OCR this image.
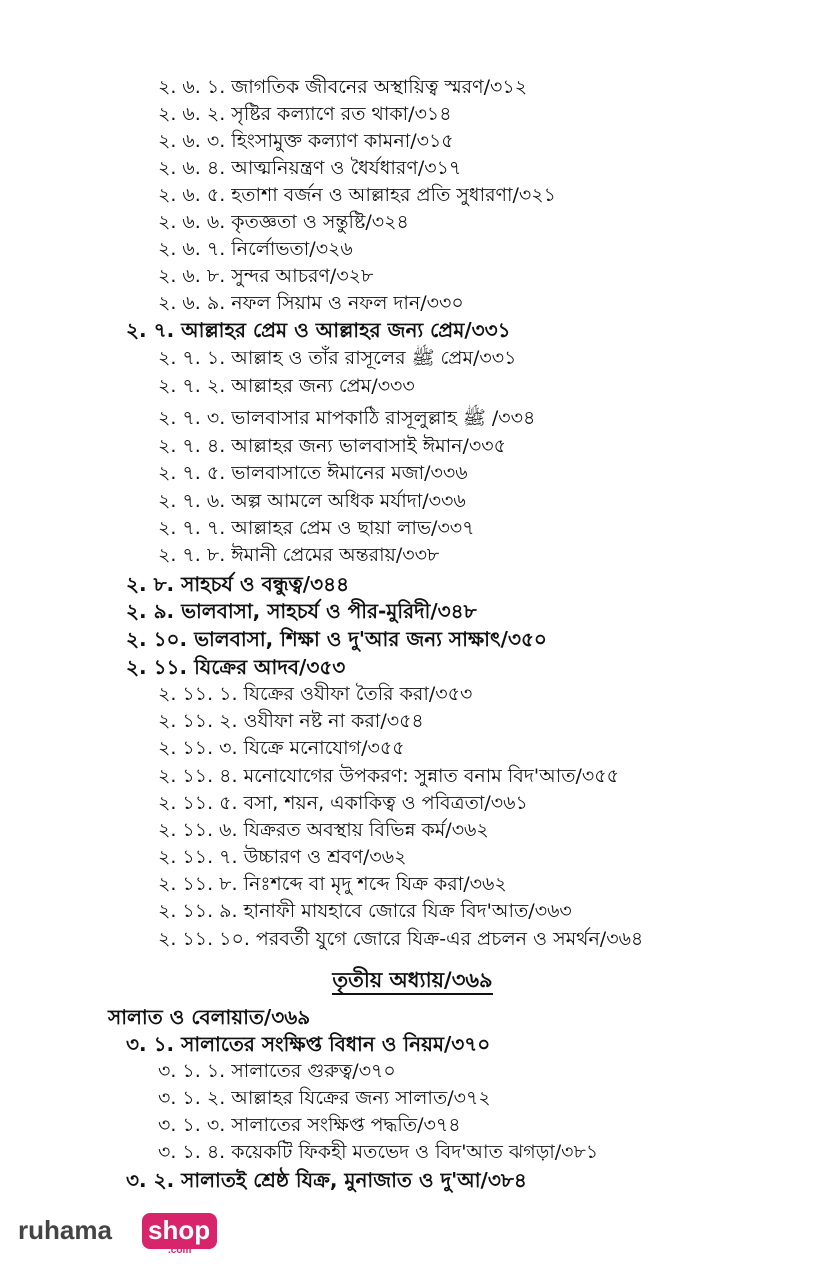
২. ৬. ১. জাগতিক জীবনের অস্থায়িত্ব স্মরণ/৩১২
২. ৬. ২. সৃষ্টির কল্যাণে রত থাকা/৩১৪
২. ৬. ৩. হিংসামুক্ত কল্যাণ কামনা/৩১৫
২. ৬. ৪. আত্মনিয়ন্ত্রণ ও ধৈর্যধারণ/৩১৭
২. ৬. ৫. হতাশা বর্জন ও আল্লাহর প্রতি সুধারণা/৩২১
২. ৬. ৬. কৃতজ্ঞতা ও সন্তুষ্টি/৩২৪
২. ৬. ৭. নির্লোভতা/৩২৬
২. ৬. ৮. সুন্দর আচরণ/৩২৮
২. ৬. ৯. নফল সিয়াম ও নফল দান/৩৩০
২. ৭. আল্লাহর প্রেম ও আল্লাহর জন্য প্রেম/৩৩১
২. ৭. ১. আল্লাহ ও তাঁর রাসূলের ﷺ প্রেম/৩৩১
২. ৭. ২. আল্লাহর জন্য প্রেম/৩৩৩
২. ৭. ৩. ভালবাসার মাপকাঠি রাসূলুল্লাহ ﷺ /৩৩৪
২. ৭. ৪. আল্লাহর জন্য ভালবাসাই ঈমান/৩৩৫
২. ৭. ৫. ভালবাসাতে ঈমানের মজা/৩৩৬
২. ৭. ৬. অল্প আমলে অধিক মর্যাদা/৩৩৬
২. ৭. ৭. আল্লাহর প্রেম ও ছায়া লাভ/৩৩৭
২. ৭. ৮. ঈমানী প্রেমের অন্তরায়/৩৩৮
২. ৮. সাহচর্য ও বন্ধুত্ব/৩৪৪
২. ৯. ভালবাসা, সাহচর্য ও পীর-মুরিদী/৩৪৮
২. ১০. ভালবাসা, শিক্ষা ও দু'আর জন্য সাক্ষাৎ/৩৫০
২. ১১. যিক্রের আদব/৩৫৩
২. ১১. ১. যিক্রের ওযীফা তৈরি করা/৩৫৩
২. ১১. ২. ওযীফা নষ্ট না করা/৩৫৪
২. ১১. ৩. যিক্রে মনোযোগ/৩৫৫
২. ১১. ৪. মনোযোগের উপকরণ: সুন্নাত বনাম বিদ'আত/৩৫৫
২. ১১. ৫. বসা, শয়ন, একাকিত্ব ও পবিত্রতা/৩৬১
২. ১১. ৬. যিক্ররত অবস্থায় বিভিন্ন কর্ম/৩৬২
২. ১১. ৭. উচ্চারণ ও শ্রবণ/৩৬২
২. ১১. ৮. নিঃশব্দে বা মৃদু শব্দে যিক্র করা/৩৬২
২. ১১. ৯. হানাফী মাযহাবে জোরে যিক্র বিদ'আত/৩৬৩
২. ১১. ১০. পরবর্তী যুগে জোরে যিক্র-এর প্রচলন ও সমর্থন/৩৬৪
তৃতীয় অধ্যায়/৩৬৯
সালাত ও বেলায়াত/৩৬৯
৩. ১. সালাতের সংক্ষিপ্ত বিধান ও নিয়ম/৩৭০
৩. ১. ১. সালাতের গুরুত্ব/৩৭০
৩. ১. ২. আল্লাহর যিক্রের জন্য সালাত/৩৭২
৩. ১. ৩. সালাতের সংক্ষিপ্ত পদ্ধতি/৩৭৪
৩. ১. ৪. কয়েকটি ফিকহী মতভেদ ও বিদ'আত ঝগড়া/৩৮১
৩. ২. সালাতই শ্রেষ্ঠ যিক্র, মুনাজাত ও দু'আ/৩৮৪
ruhama shop
.com
